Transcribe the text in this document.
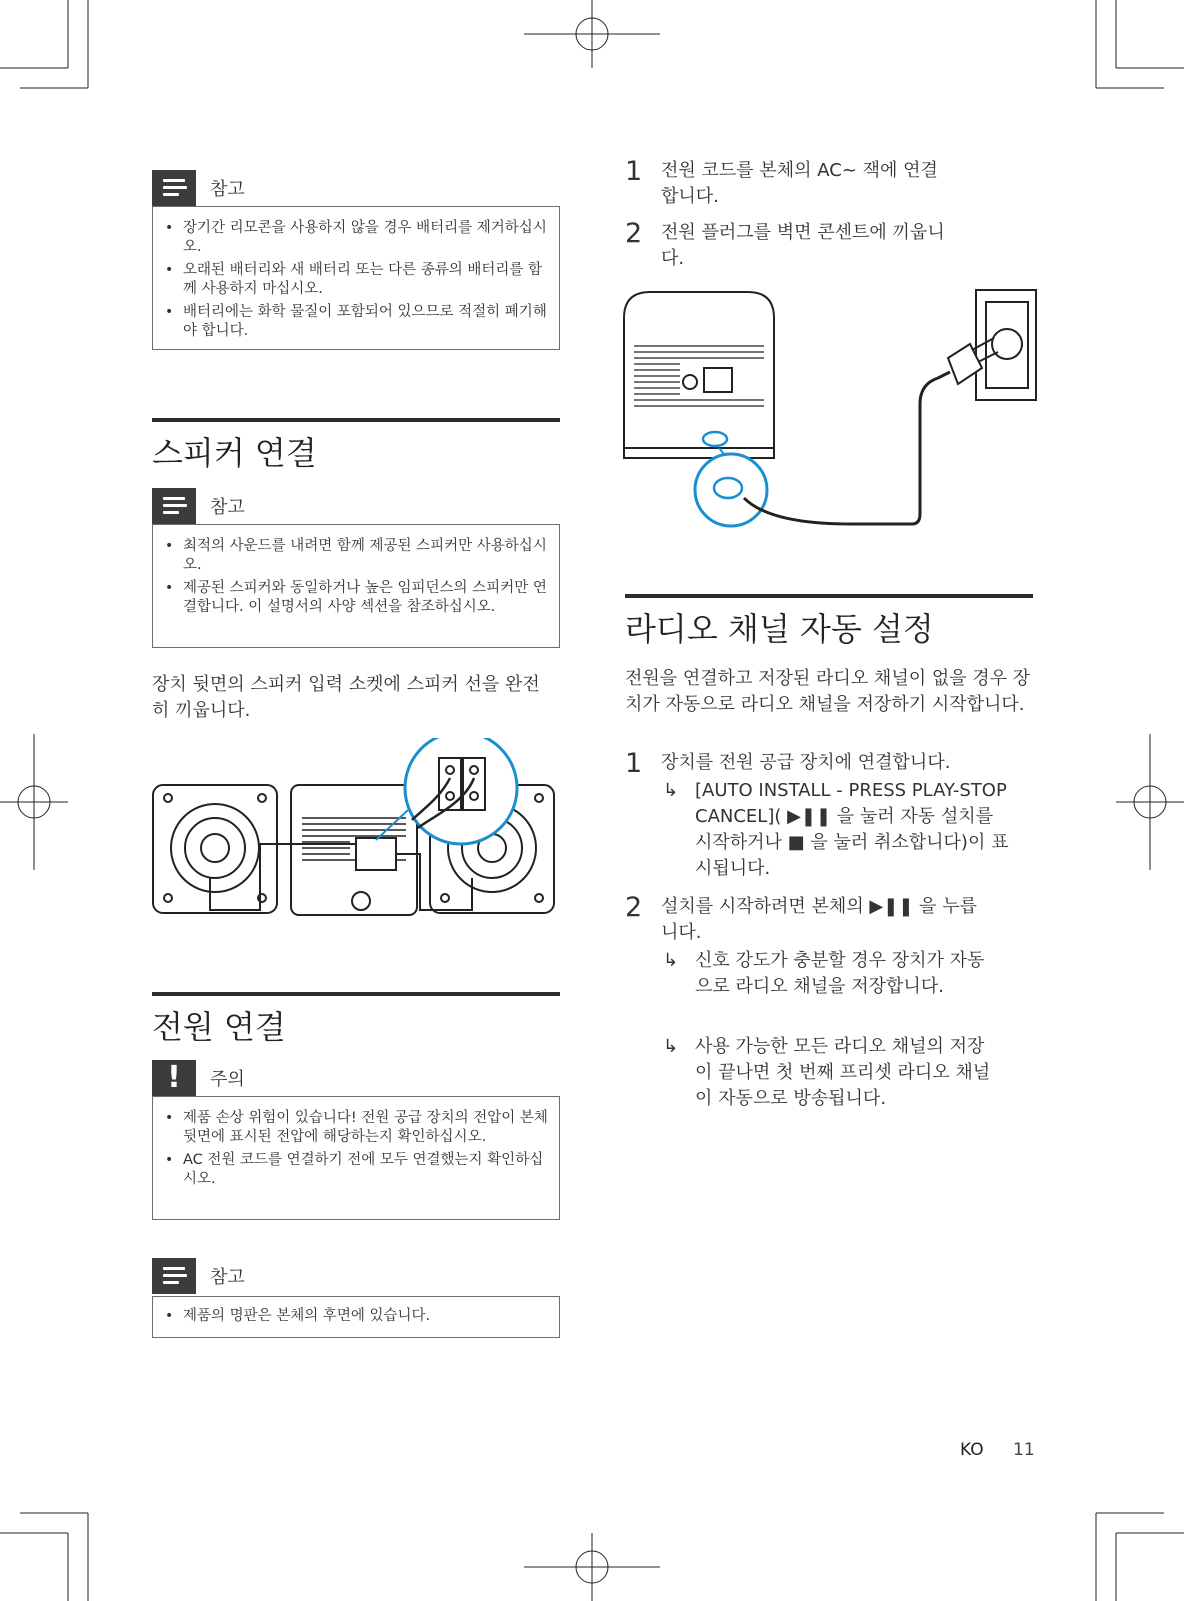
참고
• 장기간 리모콘을 사용하지 않을 경우 배터리를 제거하십시오.
• 오래된 배터리와 새 배터리 또는 다른 종류의 배터리를 함께 사용하지 마십시오.
• 배터리에는 화학 물질이 포함되어 있으므로 적절히 폐기해야 합니다.
스피커 연결
참고
• 최적의 사운드를 내려면 함께 제공된 스피커만 사용하십시오.
• 제공된 스피커와 동일하거나 높은 임피던스의 스피커만 연결합니다. 이 설명서의 사양 섹션을 참조하십시오.
장치 뒷면의 스피커 입력 소켓에 스피커 선을 완전히 끼웁니다.
전원 연결
!	주의
• 제품 손상 위험이 있습니다! 전원 공급 장치의 전압이 본체 뒷면에 표시된 전압에 해당하는지 확인하십시오.
• AC 전원 코드를 연결하기 전에 모두 연결했는지 확인하십시오.
참고
• 제품의 명판은 본체의 후면에 있습니다.
1	전원 코드를 본체의 AC~ 잭에 연결합니다.
2	전원 플러그를 벽면 콘센트에 끼웁니다.
라디오 채널 자동 설정
전원을 연결하고 저장된 라디오 채널이 없을 경우 장치가 자동으로 라디오 채널을 저장하기 시작합니다.
1	장치를 전원 공급 장치에 연결합니다.
↳ [AUTO INSTALL - PRESS PLAY-STOP CANCEL]( ▶❚❚ 을 눌러 자동 설치를 시작하거나 ■ 을 눌러 취소합니다)이 표시됩니다.
2	설치를 시작하려면 본체의 ▶❚❚ 을 누릅니다.
↳ 신호 강도가 충분할 경우 장치가 자동으로 라디오 채널을 저장합니다.
↳ 사용 가능한 모든 라디오 채널의 저장이 끝나면 첫 번째 프리셋 라디오 채널이 자동으로 방송됩니다.
KO 11
